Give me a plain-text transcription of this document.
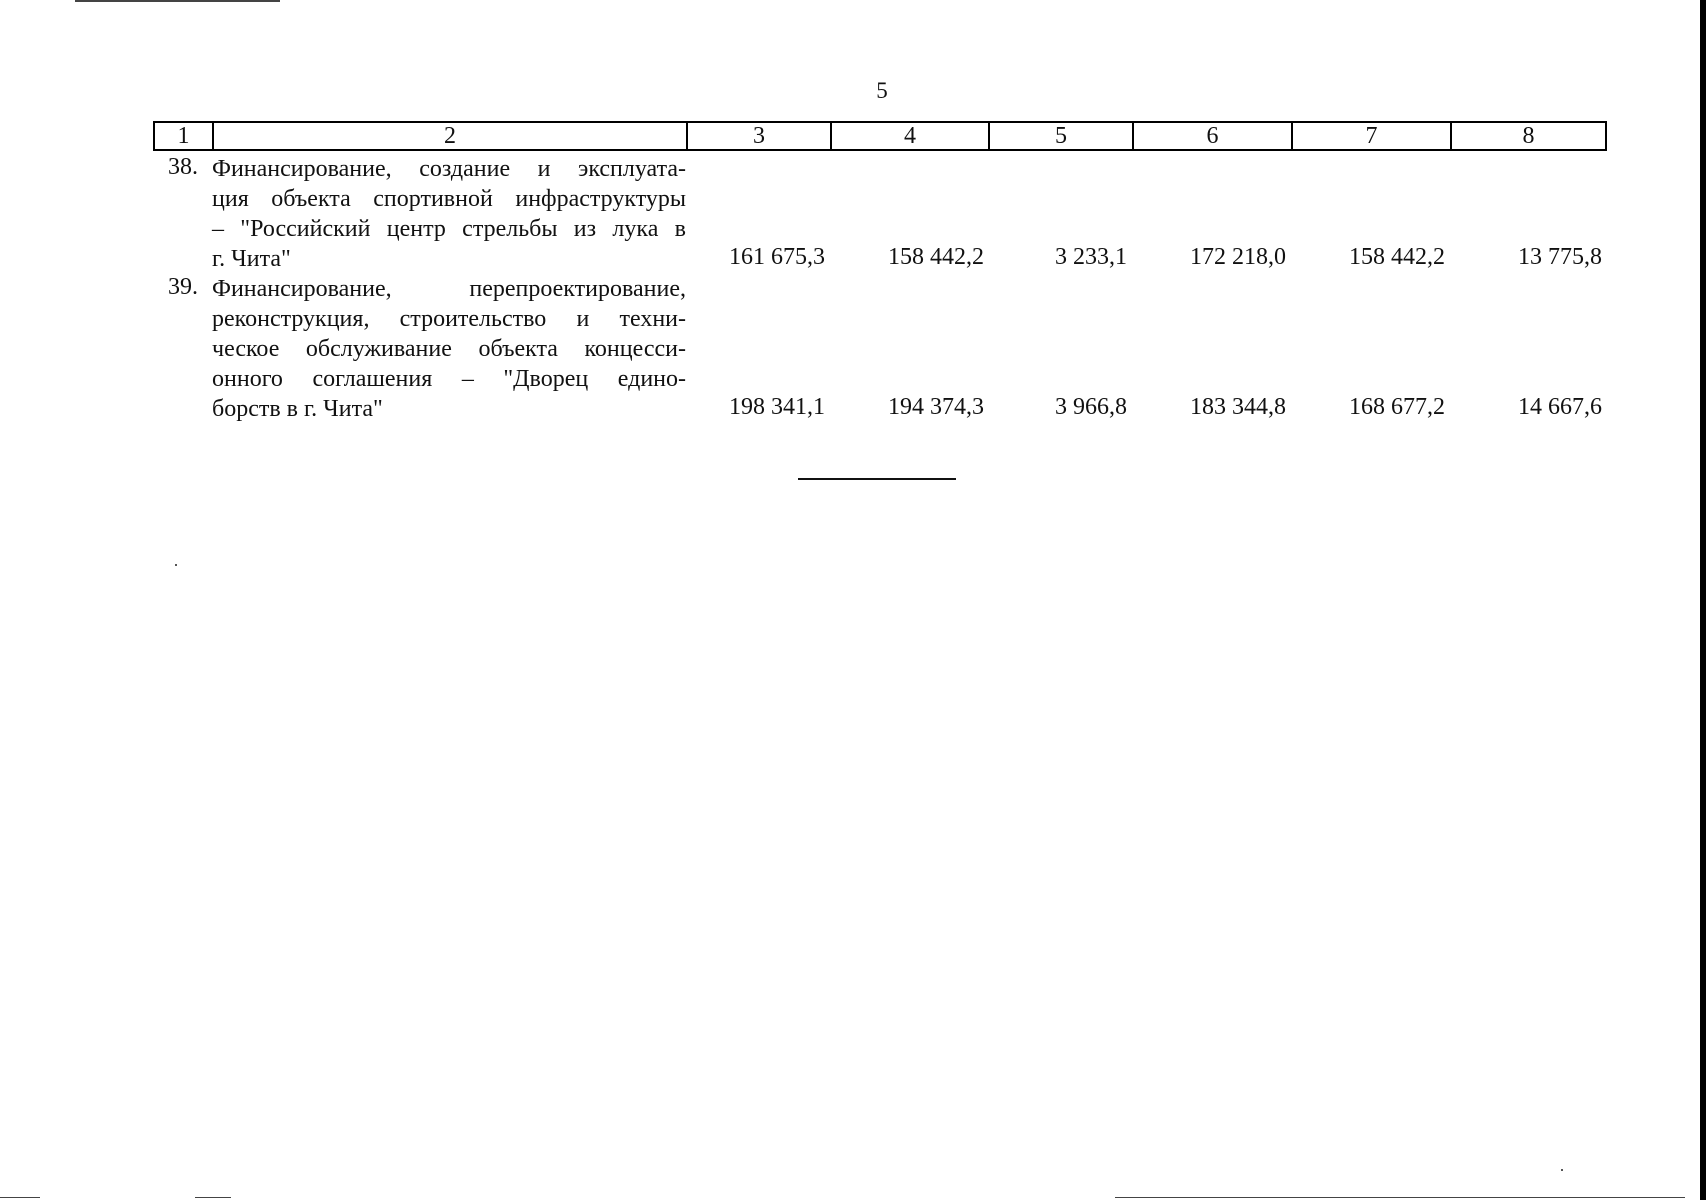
5
1	2	3	4	5	6	7	8
38. Финансирование, создание и эксплуата-
ция объекта спортивной инфраструктуры
– "Российский центр стрельбы из лука в
г. Чита"	161 675,3	158 442,2	3 233,1	172 218,0	158 442,2	13 775,8
39. Финансирование, перепроектирование,
реконструкция, строительство и техни-
ческое обслуживание объекта концесси-
онного соглашения – "Дворец едино-
борств в г. Чита"	198 341,1	194 374,3	3 966,8	183 344,8	168 677,2	14 667,6
